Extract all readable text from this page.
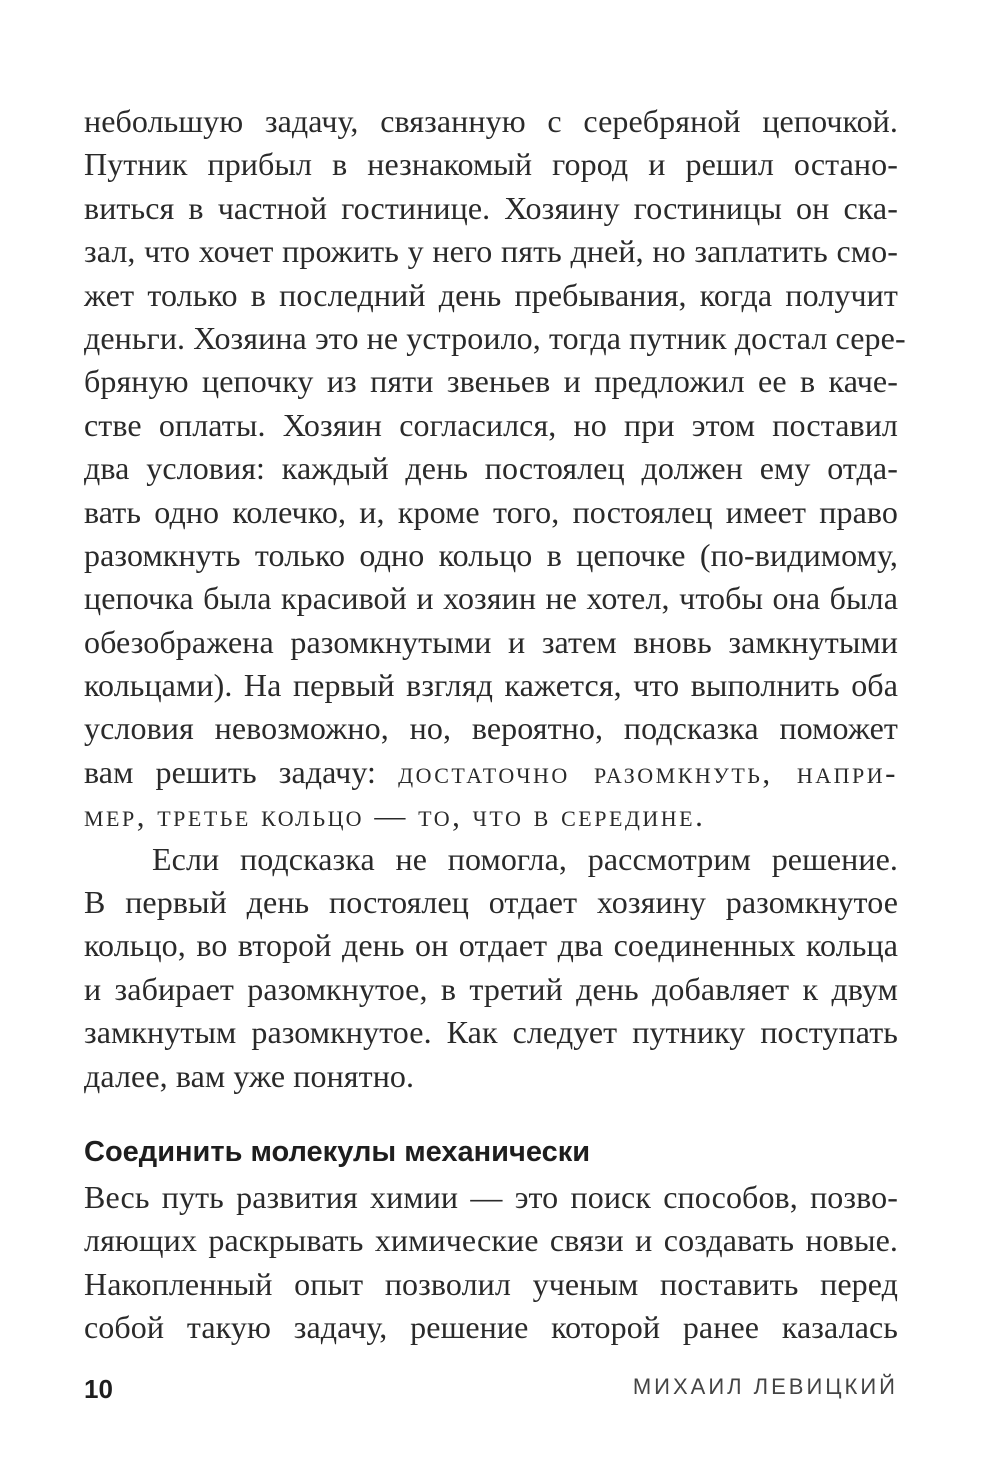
небольшую задачу, связанную с серебряной цепочкой.
Путник прибыл в незнакомый город и решил остано-
виться в частной гостинице. Хозяину гостиницы он ска-
зал, что хочет прожить у него пять дней, но заплатить смо-
жет только в последний день пребывания, когда получит
деньги. Хозяина это не устроило, тогда путник достал сере-
бряную цепочку из пяти звеньев и предложил ее в каче-
стве оплаты. Хозяин согласился, но при этом поставил
два условия: каждый день постоялец должен ему отда-
вать одно колечко, и, кроме того, постоялец имеет право
разомкнуть только одно кольцо в цепочке (по-видимому,
цепочка была красивой и хозяин не хотел, чтобы она была
обезображена разомкнутыми и затем вновь замкнутыми
кольцами). На первый взгляд кажется, что выполнить оба
условия невозможно, но, вероятно, подсказка поможет
вам решить задачу: достаточно разомкнуть, напри-
мер, третье кольцо — то, что в середине.
Если подсказка не помогла, рассмотрим решение.
В первый день постоялец отдает хозяину разомкнутое
кольцо, во второй день он отдает два соединенных кольца
и забирает разомкнутое, в третий день добавляет к двум
замкнутым разомкнутое. Как следует путнику поступать
далее, вам уже понятно.
Соединить молекулы механически
Весь путь развития химии — это поиск способов, позво-
ляющих раскрывать химические связи и создавать новые.
Накопленный опыт позволил ученым поставить перед
собой такую задачу, решение которой ранее казалась
10	МИХАИЛ ЛЕВИЦКИЙ
